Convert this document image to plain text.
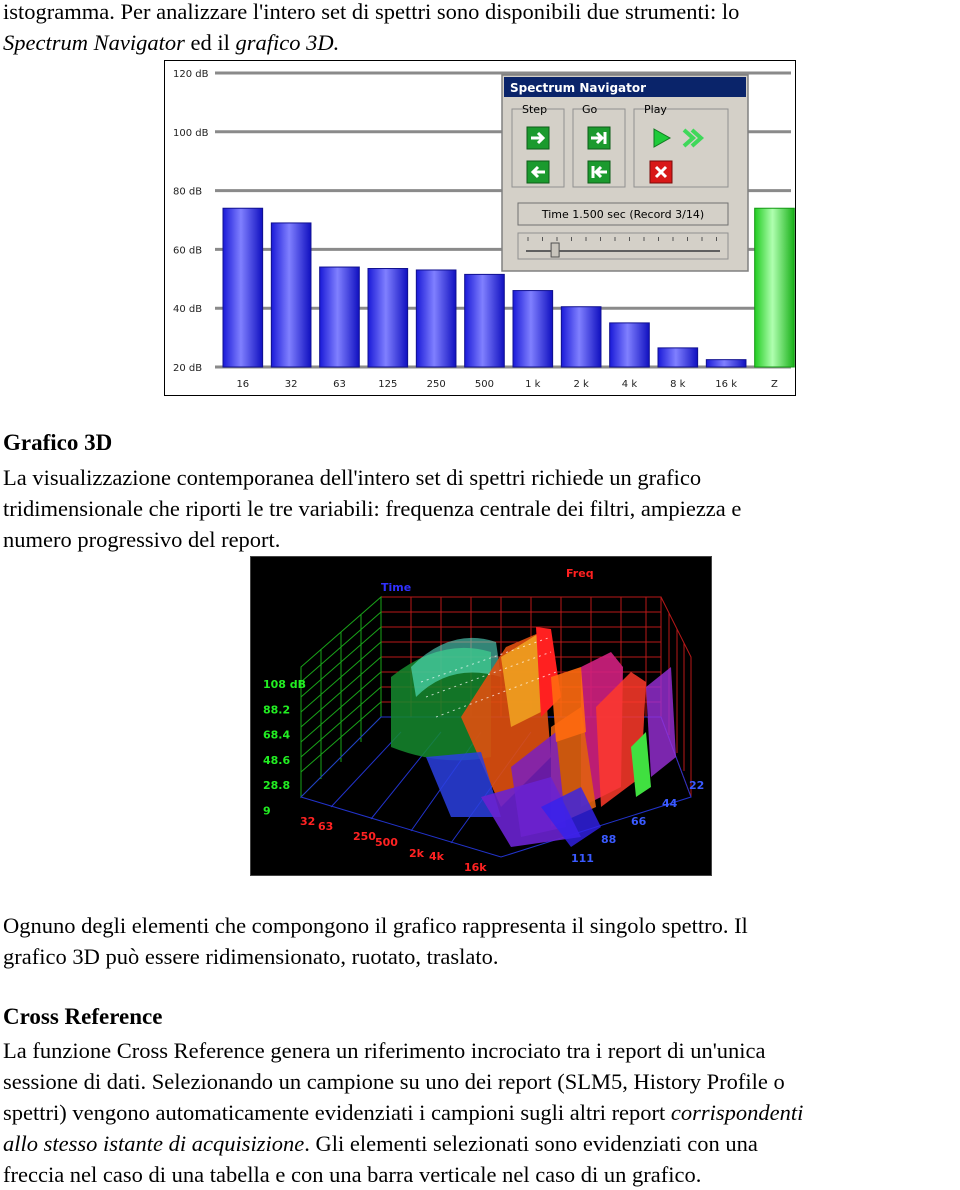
istogramma. Per analizzare l'intero set di spettri sono disponibili due strumenti: lo

Spectrum Navigator ed il grafico 3D.

120 dB
100 dB
80 dB
60 dB
40 dB
20 dB
16	32	63	125	250	500	1 k	2 k	4 k	8 k	16 k	Z
Spectrum Navigator
Step	Go	Play
Time 1.500 sec (Record 3/14)

Grafico 3D

La visualizzazione contemporanea dell'intero set di spettri richiede un grafico

tridimensionale che riporti le tre variabili: frequenza centrale dei filtri, ampiezza e

numero progressivo del report.

Time
Freq
108 dB
88.2
68.4
48.6
28.8
9
32 63
250 500
2k 4k
16k
22
44
66
88
111

Ognuno degli elementi che compongono il grafico rappresenta il singolo spettro. Il

grafico 3D può essere ridimensionato, ruotato, traslato.

Cross Reference

La funzione Cross Reference genera un riferimento incrociato tra i report di un'unica

sessione di dati. Selezionando un campione su uno dei report (SLM5, History Profile o

spettri) vengono automaticamente evidenziati i campioni sugli altri report corrispondenti

allo stesso istante di acquisizione. Gli elementi selezionati sono evidenziati con una

freccia nel caso di una tabella e con una barra verticale nel caso di un grafico.
